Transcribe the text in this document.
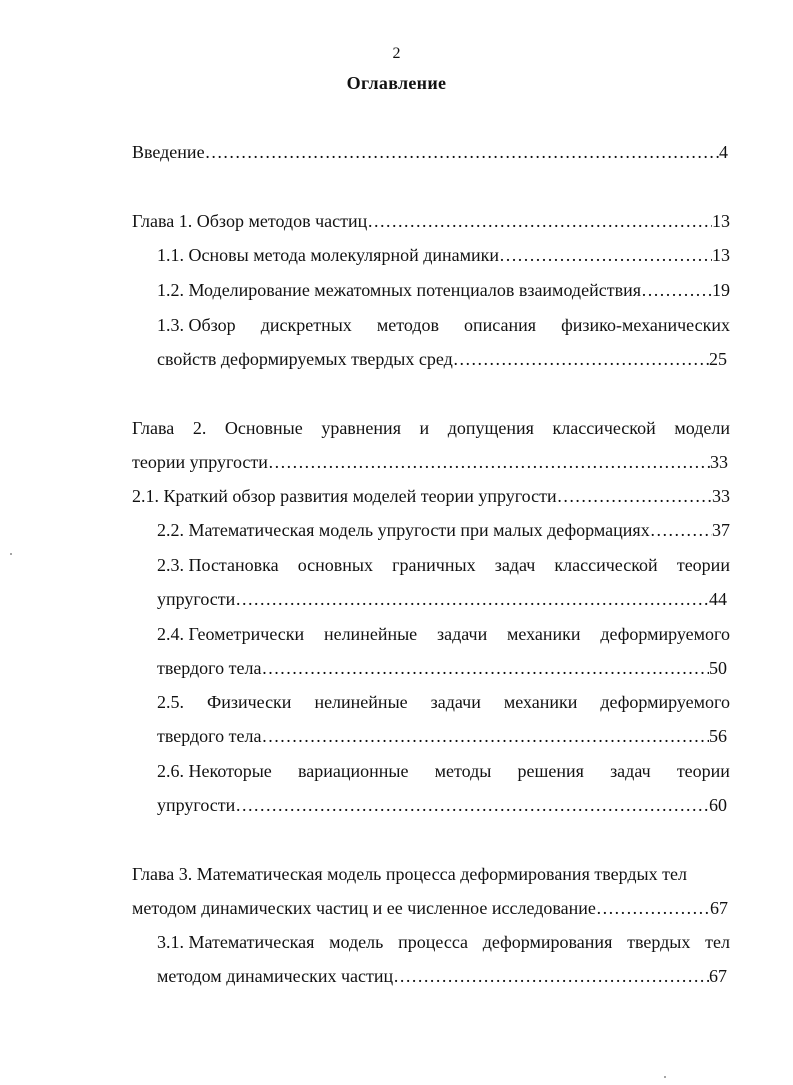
2
Оглавление
Введение ……………………………………………………………………………………………………………………………………………………………………………………………………	4
Глава 1. Обзор методов частиц ……………………………………………………………………………………………………………………………………………………………………………………………………	13
1.1. Основы метода молекулярной динамики ……………………………………………………………………………………………………………………………………………………………………………………………………	13
1.2. Моделирование межатомных потенциалов взаимодействия ……………………………………………………………………………………………………………………………………………………………………………………………………	19
1.3. Обзор дискретных методов описания физико-механических
свойств деформируемых твердых сред ……………………………………………………………………………………………………………………………………………………………………………………………………	25
Глава 2. Основные уравнения и допущения классической модели
теории упругости ……………………………………………………………………………………………………………………………………………………………………………………………………	33
2.1. Краткий обзор развития моделей теории упругости ……………………………………………………………………………………………………………………………………………………………………………………………………	33
2.2. Математическая модель упругости при малых деформациях ……………………………………………………………………………………………………………………………………………………………………………………………………	37
2.3. Постановка основных граничных задач классической теории
упругости ……………………………………………………………………………………………………………………………………………………………………………………………………	44
2.4. Геометрически нелинейные задачи механики деформируемого
твердого тела ……………………………………………………………………………………………………………………………………………………………………………………………………	50
2.5. Физически нелинейные задачи механики деформируемого
твердого тела ……………………………………………………………………………………………………………………………………………………………………………………………………	56
2.6. Некоторые вариационные методы решения задач теории
упругости ……………………………………………………………………………………………………………………………………………………………………………………………………	60
Глава 3. Математическая модель процесса деформирования твердых тел
методом динамических частиц и ее численное исследование ……………………………………………………………………………………………………………………………………………………………………………………………………	67
3.1. Математическая модель процесса деформирования твердых тел
методом динамических частиц ……………………………………………………………………………………………………………………………………………………………………………………………………	67
